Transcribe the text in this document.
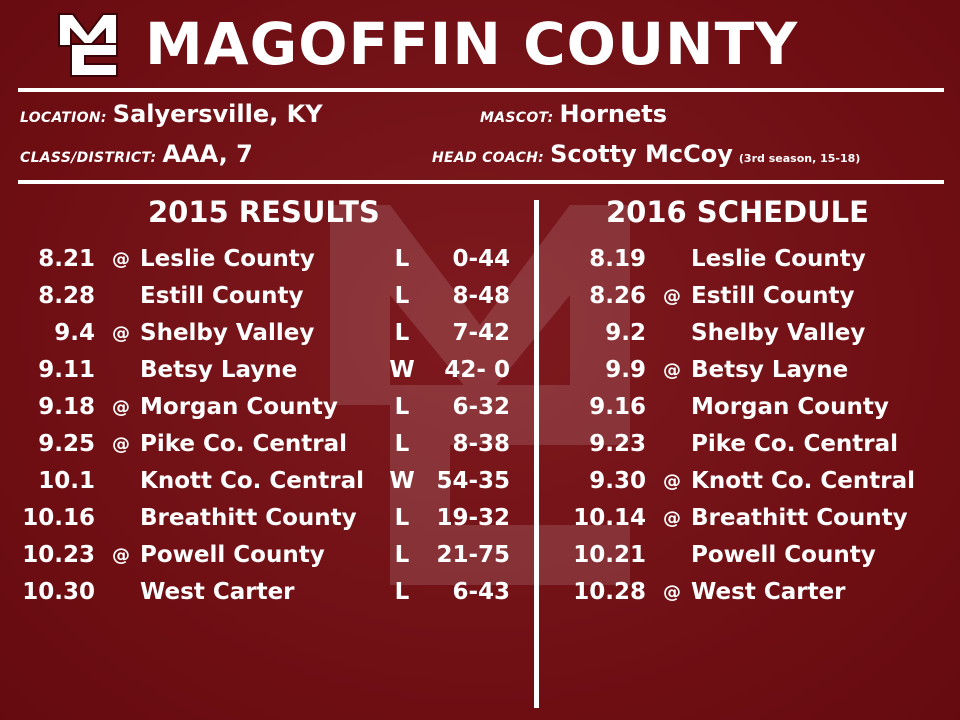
MAGOFFIN COUNTY
LOCATION: Salyersville, KY	MASCOT: Hornets
CLASS/DISTRICT: AAA, 7	HEAD COACH: Scotty McCoy (3rd season, 15-18)
2015 RESULTS	2016 SCHEDULE
8.21 @ Leslie County	L	0-44
8.28 Estill County	L	8-48
9.4 @ Shelby Valley	L	7-42
9.11 Betsy Layne	W	42- 0
9.18 @ Morgan County L	6-32
9.25 @ Pike Co. Central L	8-38
10.1 Knott Co. Central W 54-35
10.16 Breathitt County L 19-32
10.23 @ Powell County	L 21-75
10.30 West Carter	L	6-43
8.19 Leslie County
8.26 @ Estill County
9.2 Shelby Valley
9.9 @ Betsy Layne
9.16 Morgan County
9.23 Pike Co. Central
9.30 @ Knott Co. Central
10.14 @ Breathitt County
10.21 Powell County
10.28 @ West Carter
